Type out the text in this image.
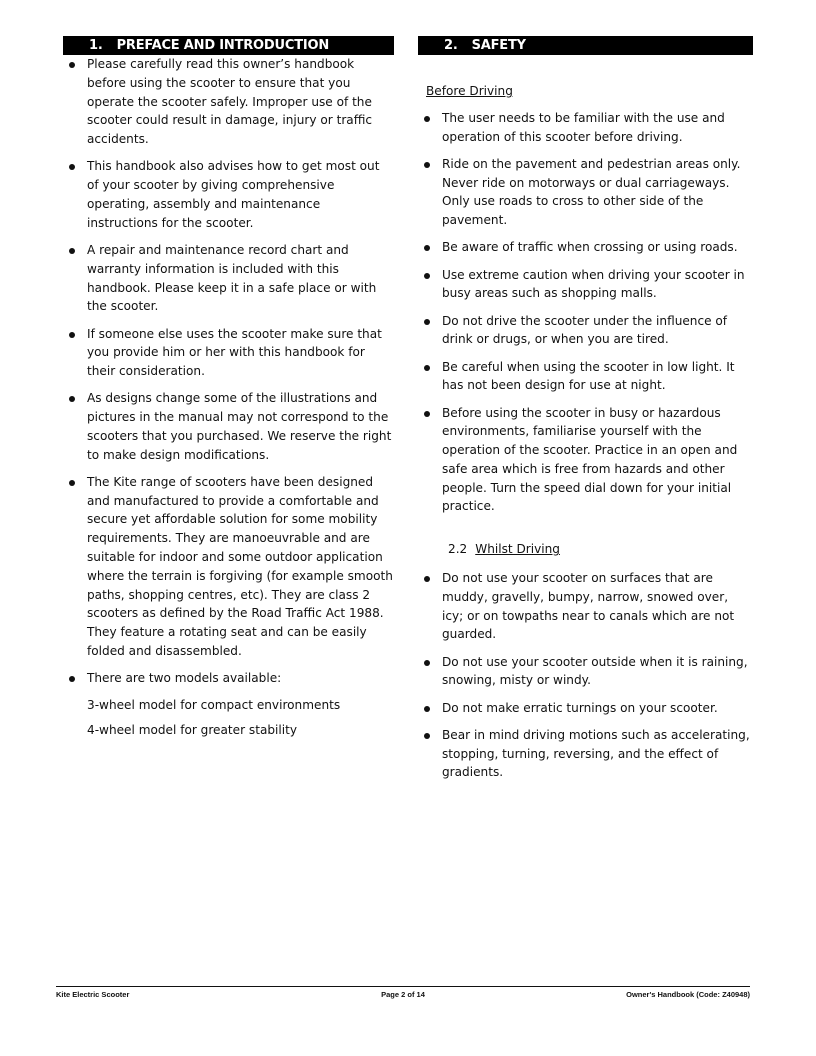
1. PREFACE AND INTRODUCTION
Please carefully read this owner’s handbook before using the scooter to ensure that you operate the scooter safely. Improper use of the scooter could result in damage, injury or traffic accidents.
This handbook also advises how to get most out of your scooter by giving comprehensive operating, assembly and maintenance instructions for the scooter.
A repair and maintenance record chart and warranty information is included with this handbook. Please keep it in a safe place or with the scooter.
If someone else uses the scooter make sure that you provide him or her with this handbook for their consideration.
As designs change some of the illustrations and pictures in the manual may not correspond to the scooters that you purchased. We reserve the right to make design modifications.
The Kite range of scooters have been designed and manufactured to provide a comfortable and secure yet affordable solution for some mobility requirements. They are manoeuvrable and are suitable for indoor and some outdoor application where the terrain is forgiving (for example smooth paths, shopping centres, etc). They are class 2 scooters as defined by the Road Traffic Act 1988. They feature a rotating seat and can be easily folded and disassembled.
There are two models available:
3-wheel model for compact environments
4-wheel model for greater stability
2. SAFETY
Before Driving
The user needs to be familiar with the use and operation of this scooter before driving.
Ride on the pavement and pedestrian areas only. Never ride on motorways or dual carriageways. Only use roads to cross to other side of the pavement.
Be aware of traffic when crossing or using roads.
Use extreme caution when driving your scooter in busy areas such as shopping malls.
Do not drive the scooter under the influence of drink or drugs, or when you are tired.
Be careful when using the scooter in low light. It has not been design for use at night.
Before using the scooter in busy or hazardous environments, familiarise yourself with the operation of the scooter. Practice in an open and safe area which is free from hazards and other people. Turn the speed dial down for your initial practice.
2.2 Whilst Driving
Do not use your scooter on surfaces that are muddy, gravelly, bumpy, narrow, snowed over, icy; or on towpaths near to canals which are not guarded.
Do not use your scooter outside when it is raining, snowing, misty or windy.
Do not make erratic turnings on your scooter.
Bear in mind driving motions such as accelerating, stopping, turning, reversing, and the effect of gradients.
Kite Electric Scooter	Page 2 of 14	Owner's Handbook (Code: Z40948)
